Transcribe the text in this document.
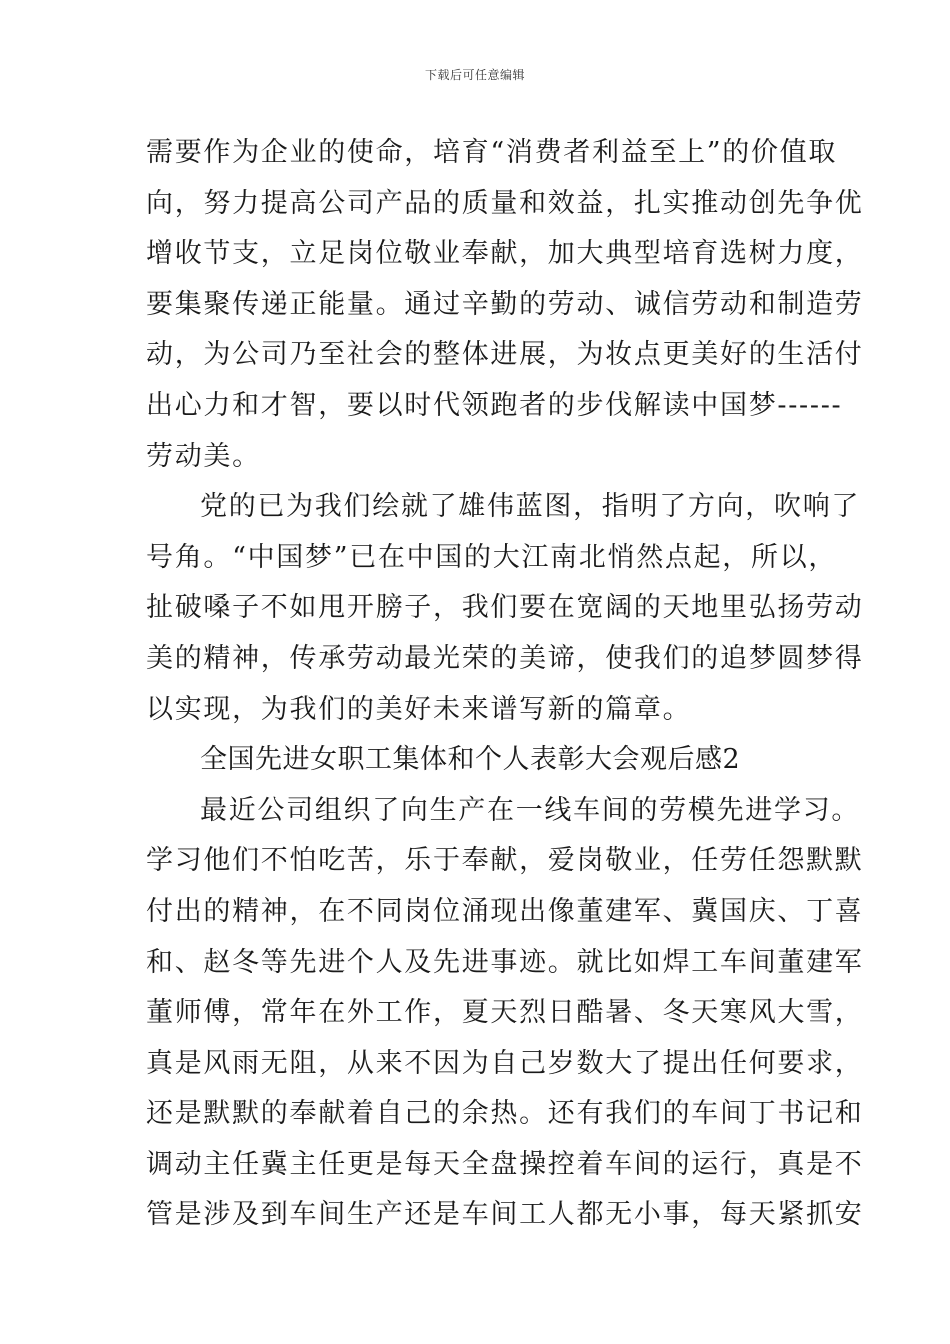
下载后可任意编辑
需要作为企业的使命，培育“消费者利益至上”的价值取
向，努力提高公司产品的质量和效益，扎实推动创先争优
增收节支，立足岗位敬业奉献，加大典型培育选树力度，
要集聚传递正能量。通过辛勤的劳动、诚信劳动和制造劳
动，为公司乃至社会的整体进展，为妆点更美好的生活付
出心力和才智，要以时代领跑者的步伐解读中国梦------
劳动美。
党的已为我们绘就了雄伟蓝图，指明了方向，吹响了
号角。“中国梦”已在中国的大江南北悄然点起，所以，
扯破嗓子不如甩开膀子，我们要在宽阔的天地里弘扬劳动
美的精神，传承劳动最光荣的美谛，使我们的追梦圆梦得
以实现，为我们的美好未来谱写新的篇章。
全国先进女职工集体和个人表彰大会观后感2
最近公司组织了向生产在一线车间的劳模先进学习。
学习他们不怕吃苦，乐于奉献，爱岗敬业，任劳任怨默默
付出的精神，在不同岗位涌现出像董建军、冀国庆、丁喜
和、赵冬等先进个人及先进事迹。就比如焊工车间董建军
董师傅，常年在外工作，夏天烈日酷暑、冬天寒风大雪，
真是风雨无阻，从来不因为自己岁数大了提出任何要求，
还是默默的奉献着自己的余热。还有我们的车间丁书记和
调动主任冀主任更是每天全盘操控着车间的运行，真是不
管是涉及到车间生产还是车间工人都无小事，每天紧抓安
